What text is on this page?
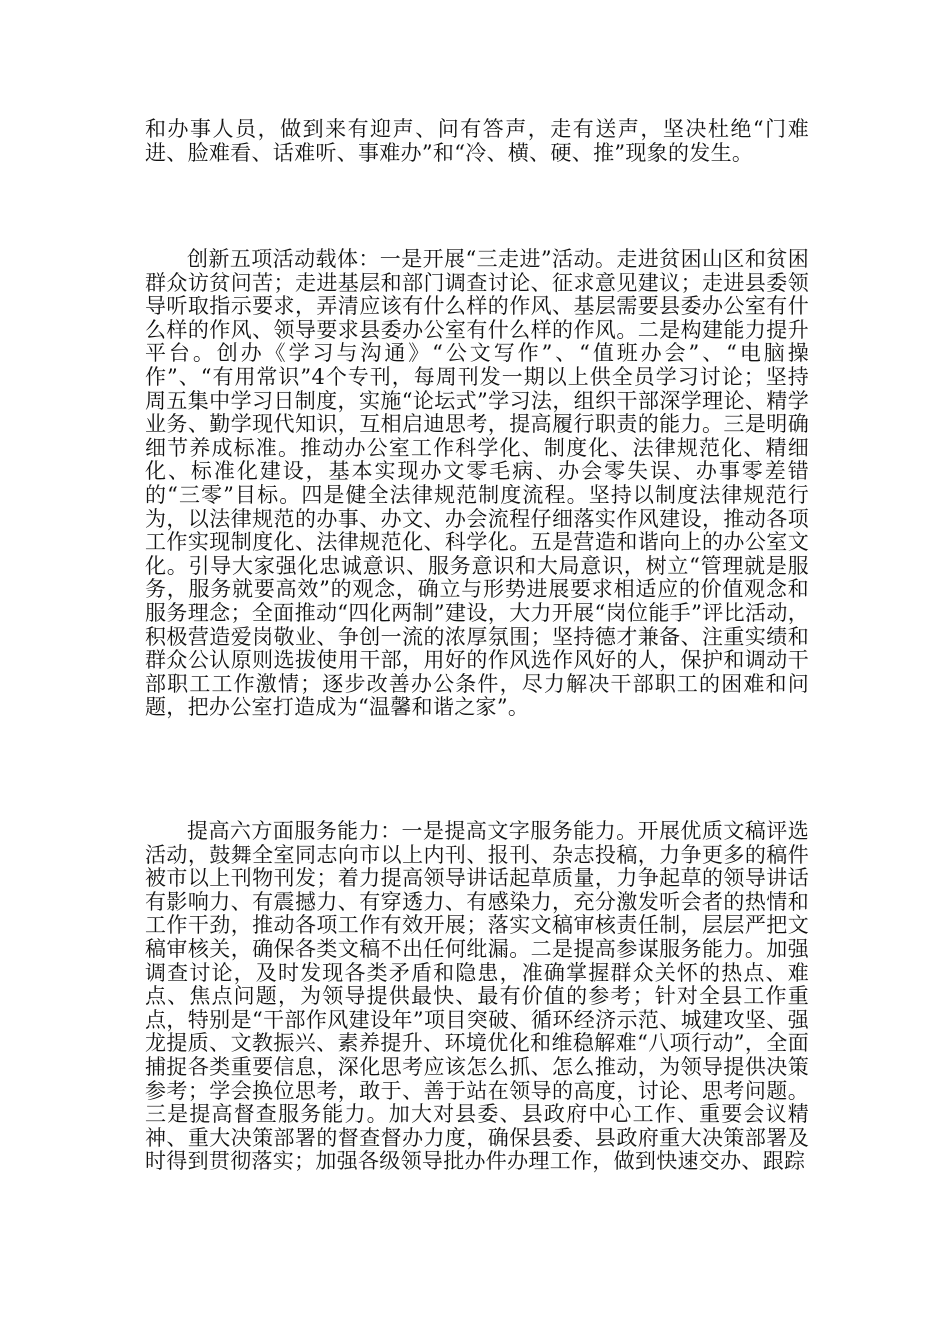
和办事人员，做到来有迎声、问有答声，走有送声，坚决杜绝“门难进、脸难看、话难听、事难办”和“冷、横、硬、推”现象的发生。

创新五项活动载体：一是开展“三走进”活动。走进贫困山区和贫困群众访贫问苦；走进基层和部门调查讨论、征求意见建议；走进县委领导听取指示要求，弄清应该有什么样的作风、基层需要县委办公室有什么样的作风、领导要求县委办公室有什么样的作风。二是构建能力提升平台。创办《学习与沟通》“公文写作”、“值班办会”、“电脑操作”、“有用常识”4个专刊，每周刊发一期以上供全员学习讨论；坚持周五集中学习日制度，实施“论坛式”学习法，组织干部深学理论、精学业务、勤学现代知识，互相启迪思考，提高履行职责的能力。三是明确细节养成标准。推动办公室工作科学化、制度化、法律规范化、精细化、标准化建设，基本实现办文零毛病、办会零失误、办事零差错的“三零”目标。四是健全法律规范制度流程。坚持以制度法律规范行为，以法律规范的办事、办文、办会流程仔细落实作风建设，推动各项工作实现制度化、法律规范化、科学化。五是营造和谐向上的办公室文化。引导大家强化忠诚意识、服务意识和大局意识，树立“管理就是服务，服务就要高效”的观念，确立与形势进展要求相适应的价值观念和服务理念；全面推动“四化两制”建设，大力开展“岗位能手”评比活动，积极营造爱岗敬业、争创一流的浓厚氛围；坚持德才兼备、注重实绩和群众公认原则选拔使用干部，用好的作风选作风好的人，保护和调动干部职工工作激情；逐步改善办公条件，尽力解决干部职工的困难和问题，把办公室打造成为“温馨和谐之家”。

提高六方面服务能力：一是提高文字服务能力。开展优质文稿评选活动，鼓舞全室同志向市以上内刊、报刊、杂志投稿，力争更多的稿件被市以上刊物刊发；着力提高领导讲话起草质量，力争起草的领导讲话有影响力、有震撼力、有穿透力、有感染力，充分激发听会者的热情和工作干劲，推动各项工作有效开展；落实文稿审核责任制，层层严把文稿审核关，确保各类文稿不出任何纰漏。二是提高参谋服务能力。加强调查讨论，及时发现各类矛盾和隐患，准确掌握群众关怀的热点、难点、焦点问题，为领导提供最快、最有价值的参考；针对全县工作重点，特别是“干部作风建设年”项目突破、循环经济示范、城建攻坚、强龙提质、文教振兴、素养提升、环境优化和维稳解难“八项行动”，全面捕捉各类重要信息，深化思考应该怎么抓、怎么推动，为领导提供决策参考；学会换位思考，敢于、善于站在领导的高度，讨论、思考问题。三是提高督查服务能力。加大对县委、县政府中心工作、重要会议精神、重大决策部署的督查督办力度，确保县委、县政府重大决策部署及时得到贯彻落实；加强各级领导批办件办理工作，做到快速交办、跟踪
